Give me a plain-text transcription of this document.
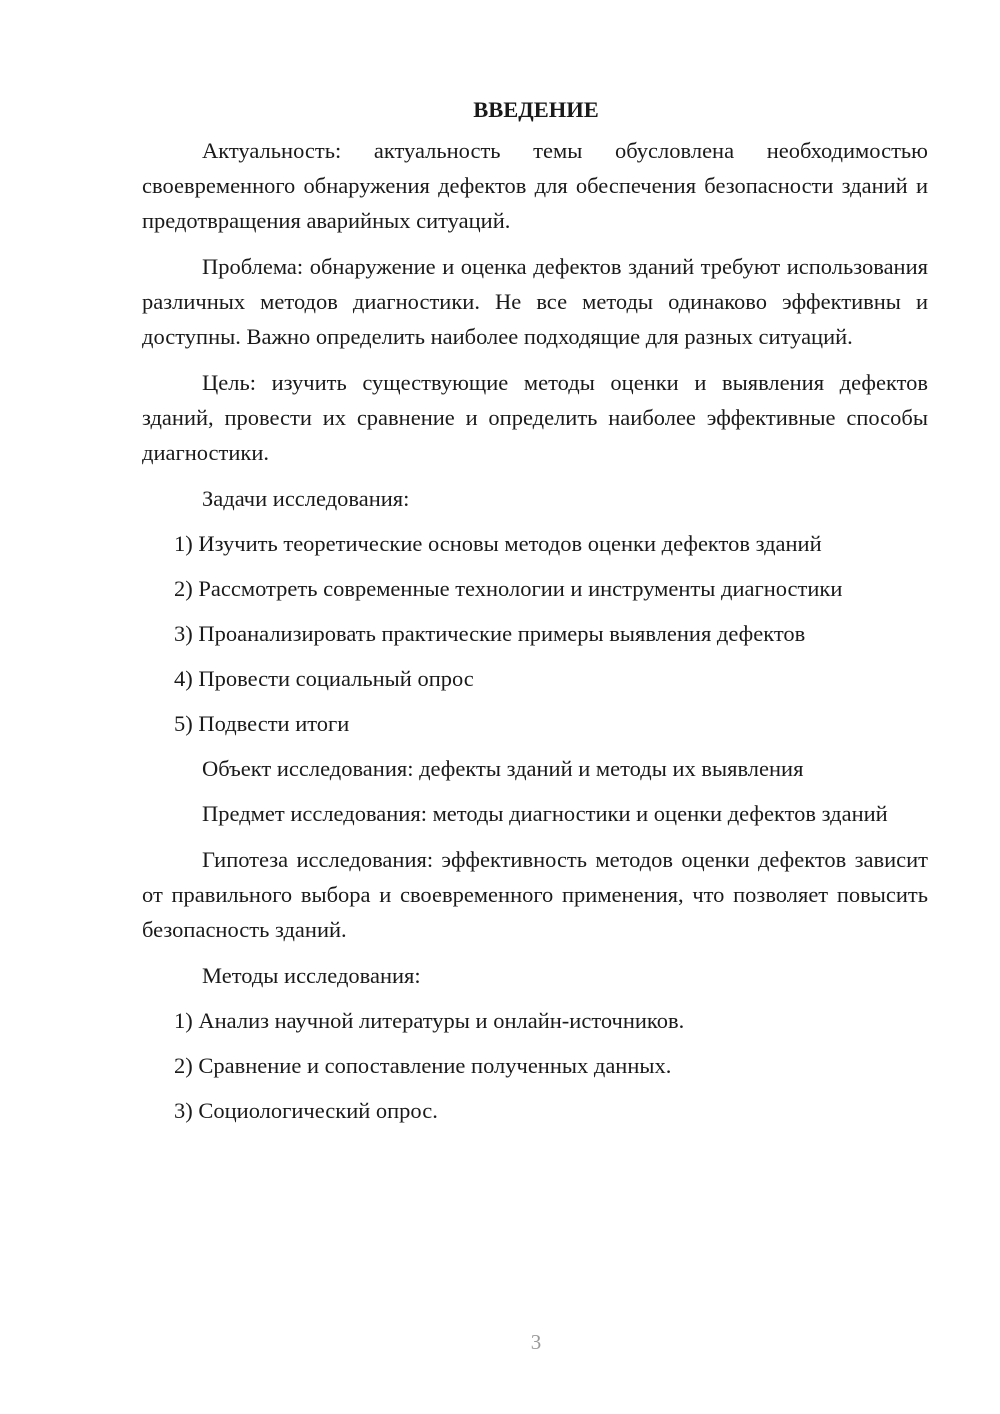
ВВЕДЕНИЕ

Актуальность: актуальность темы обусловлена необходимостью своевременного обнаружения дефектов для обеспечения безопасности зданий и предотвращения аварийных ситуаций.

Проблема: обнаружение и оценка дефектов зданий требуют использования различных методов диагностики. Не все методы одинаково эффективны и доступны. Важно определить наиболее подходящие для разных ситуаций.

Цель: изучить существующие методы оценки и выявления дефектов зданий, провести их сравнение и определить наиболее эффективные способы диагностики.

Задачи исследования:

1) Изучить теоретические основы методов оценки дефектов зданий
2) Рассмотреть современные технологии и инструменты диагностики
3) Проанализировать практические примеры выявления дефектов
4) Провести социальный опрос
5) Подвести итоги

Объект исследования: дефекты зданий и методы их выявления

Предмет исследования: методы диагностики и оценки дефектов зданий

Гипотеза исследования: эффективность методов оценки дефектов зависит от правильного выбора и своевременного применения, что позволяет повысить безопасность зданий.

Методы исследования:

1) Анализ научной литературы и онлайн-источников.
2) Сравнение и сопоставление полученных данных.
3) Социологический опрос.
3
